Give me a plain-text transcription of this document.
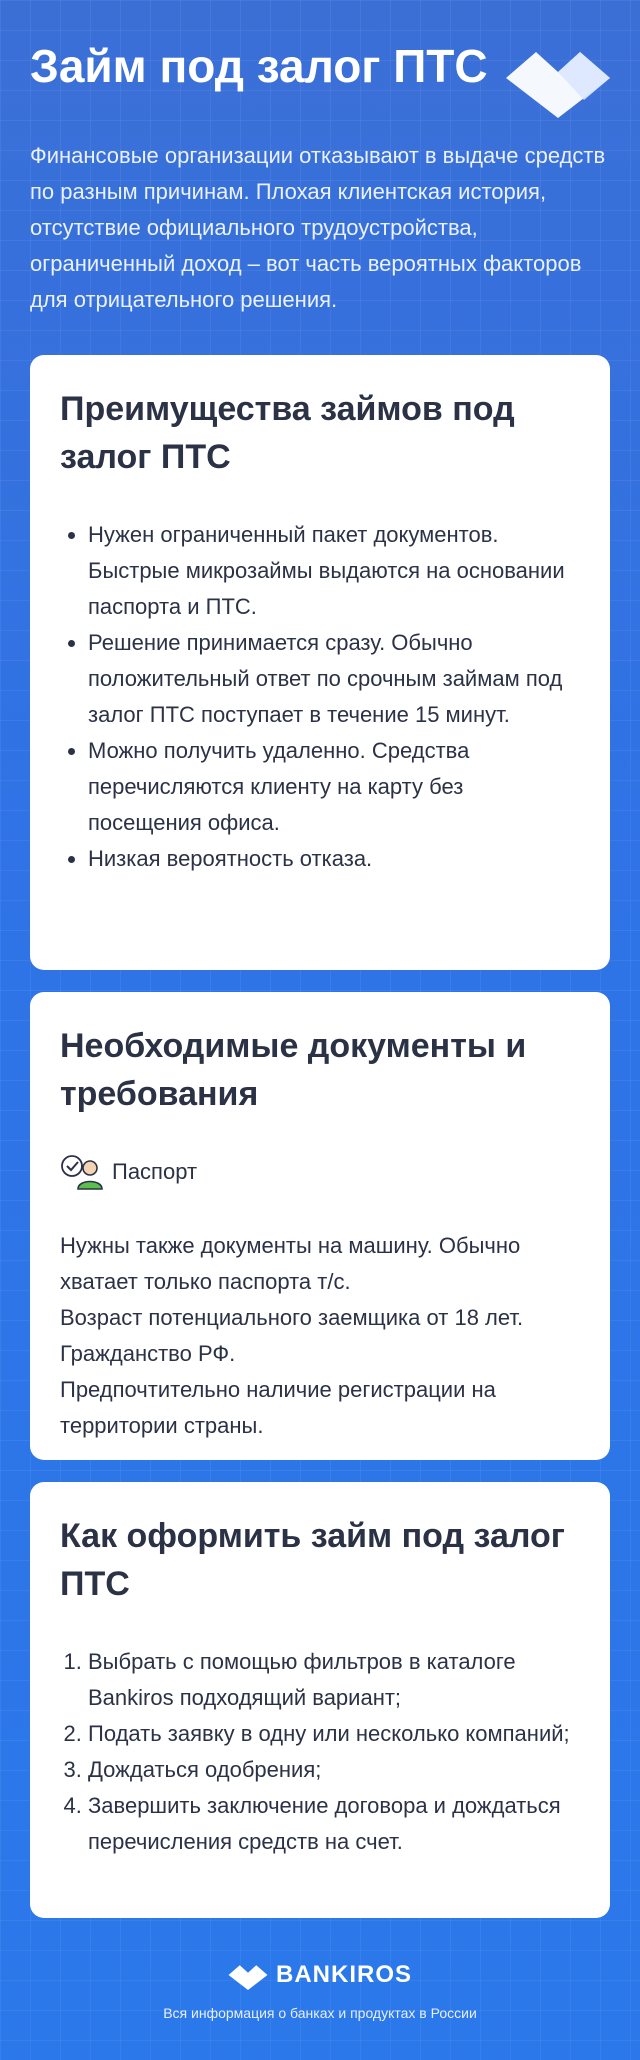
Займ под залог ПТС
Финансовые организации отказывают в выдаче средств по разным причинам. Плохая клиентская история, отсутствие официального трудоустройства, ограниченный доход – вот часть вероятных факторов для отрицательного решения.
Преимущества займов под залог ПТС
• Нужен ограниченный пакет документов. Быстрые микрозаймы выдаются на основании паспорта и ПТС.
• Решение принимается сразу. Обычно положительный ответ по срочным займам под залог ПТС поступает в течение 15 минут.
• Можно получить удаленно. Средства перечисляются клиенту на карту без посещения офиса.
• Низкая вероятность отказа.
Необходимые документы и требования
Паспорт

Нужны также документы на машину. Обычно хватает только паспорта т/с.

Возраст потенциального заемщика от 18 лет.

Гражданство РФ.

Предпочтительно наличие регистрации на территории страны.

Как оформить займ под залог ПТС
1. Выбрать с помощью фильтров в каталоге Bankiros подходящий вариант;
2. Подать заявку в одну или несколько компаний;
3. Дождаться одобрения;
4. Завершить заключение договора и дождаться перечисления средств на счет.
BANKIROS
Вся информация о банках и продуктах в России
